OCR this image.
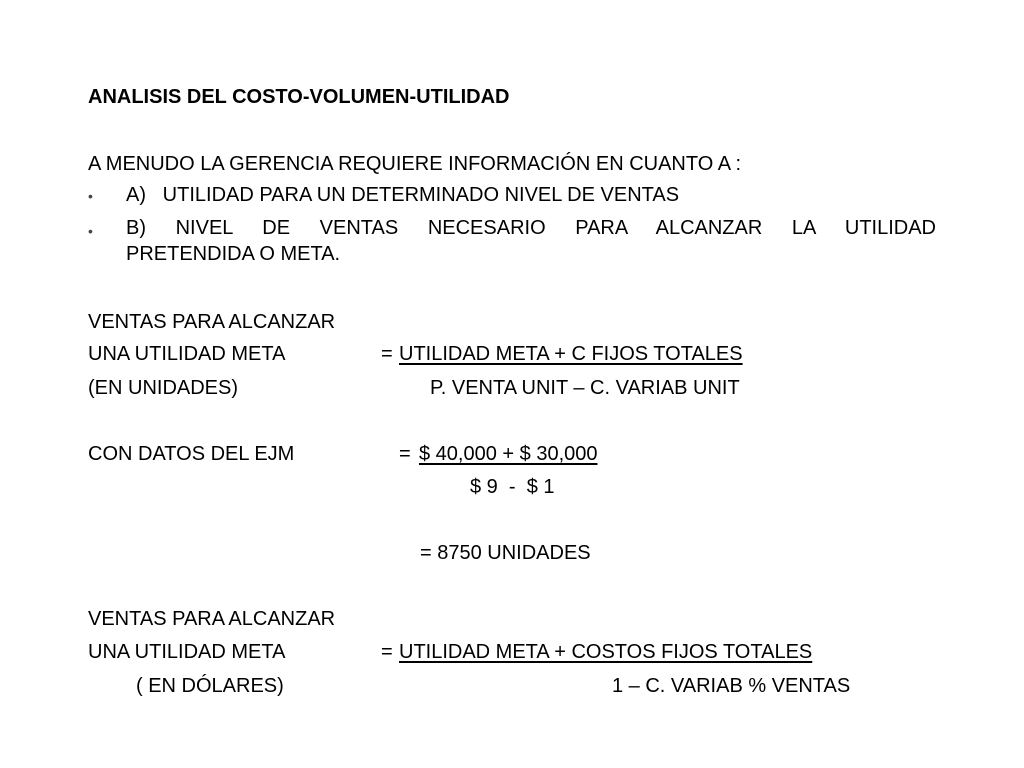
ANALISIS DEL COSTO-VOLUMEN-UTILIDAD
A MENUDO LA GERENCIA REQUIERE INFORMACIÓN EN CUANTO A :
• A)   UTILIDAD PARA UN DETERMINADO NIVEL DE VENTAS
• B) NIVEL DE VENTAS NECESARIO PARA ALCANZAR LA UTILIDAD
PRETENDIDA O META.
VENTAS PARA ALCANZAR
UNA UTILIDAD META	= UTILIDAD META + C FIJOS TOTALES
(EN UNIDADES)	P. VENTA UNIT – C. VARIAB UNIT
CON DATOS DEL EJM	= $ 40,000 + $ 30,000
$ 9  -  $ 1
= 8750 UNIDADES
VENTAS PARA ALCANZAR
UNA UTILIDAD META	= UTILIDAD META + COSTOS FIJOS TOTALES
( EN DÓLARES)	1 – C. VARIAB % VENTAS
